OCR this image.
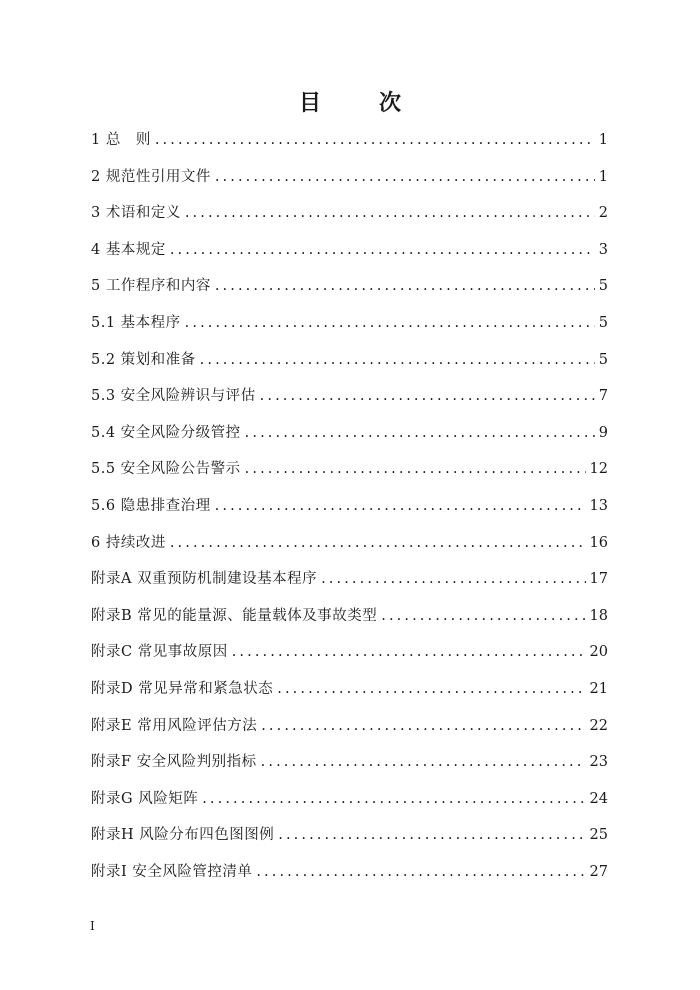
目　次
1 总　则 .....	1
2 规范性引用文件 .....	1
3 术语和定义 .....	2
4 基本规定 .....	3
5 工作程序和内容 .....	5
5.1 基本程序 .....	5
5.2 策划和准备 .....	5
5.3 安全风险辨识与评估 .....	7
5.4 安全风险分级管控 .....	9
5.5 安全风险公告警示 .....	12
5.6 隐患排查治理 .....	13
6 持续改进 .....	16
附录A 双重预防机制建设基本程序 .....	17
附录B 常见的能量源、能量载体及事故类型 .....	18
附录C 常见事故原因 .....	20
附录D 常见异常和紧急状态 .....	21
附录E 常用风险评估方法 .....	22
附录F 安全风险判别指标 .....	23
附录G 风险矩阵 .....	24
附录H 风险分布四色图图例 .....	25
附录I 安全风险管控清单 .....	27
I
